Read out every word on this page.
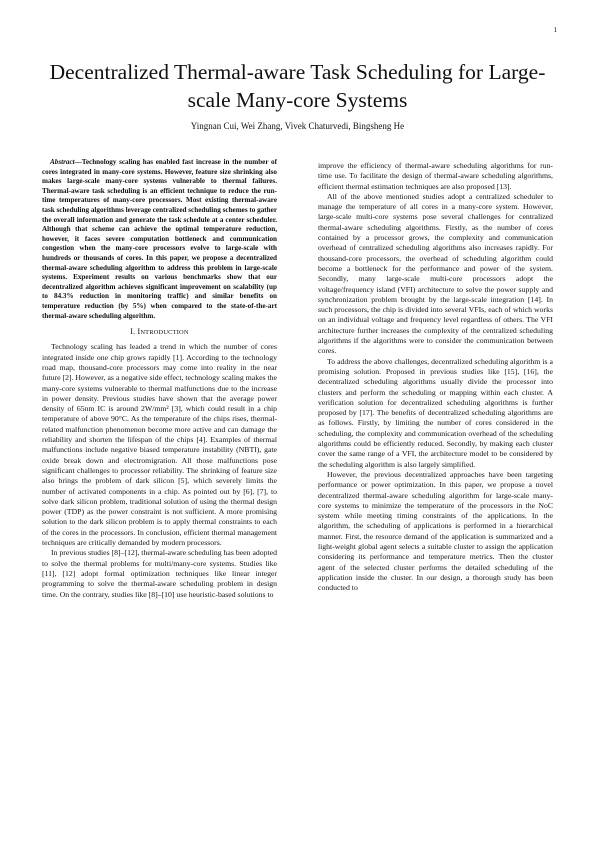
1
Decentralized Thermal-aware Task Scheduling for Large-scale Many-core Systems
Yingnan Cui, Wei Zhang, Vivek Chaturvedi, Bingsheng He

Abstract—Technology scaling has enabled fast increase in the number of cores integrated in many-core systems. However, feature size shrinking also makes large-scale many-core systems vulnerable to thermal failures. Thermal-aware task scheduling is an efficient technique to reduce the run-time temperatures of many-core processors. Most existing thermal-aware task scheduling algorithms leverage centralized scheduling schemes to gather the overall information and generate the task schedule at a center scheduler. Although that scheme can achieve the optimal temperature reduction, however, it faces severe computation bottleneck and communication congestion when the many-core processors evolve to large-scale with hundreds or thousands of cores. In this paper, we propose a decentralized thermal-aware scheduling algorithm to address this problem in large-scale systems. Experiment results on various benchmarks show that our decentralized algorithm achieves significant improvement on scalability (up to 84.3% reduction in monitoring traffic) and similar benefits on temperature reduction (by 5%) when compared to the state-of-the-art thermal-aware scheduling algorithm.

I. INTRODUCTION

Technology scaling has leaded a trend in which the number of cores integrated inside one chip grows rapidly [1]. According to the technology road map, thousand-core processors may come into reality in the near future [2]. However, as a negative side effect, technology scaling makes the many-core systems vulnerable to thermal malfunctions due to the increase in power density. Previous studies have shown that the average power density of 65nm IC is around 2W/mm² [3], which could result in a chip temperature of above 90°C. As the temperature of the chips rises, thermal-related malfunction phenomenon become more active and can damage the reliability and shorten the lifespan of the chips [4]. Examples of thermal malfunctions include negative biased temperature instability (NBTI), gate oxide break down and electromigration. All those malfunctions pose significant challenges to processor reliability. The shrinking of feature size also brings the problem of dark silicon [5], which severely limits the number of activated components in a chip. As pointed out by [6], [7], to solve dark silicon problem, traditional solution of using the thermal design power (TDP) as the power constraint is not sufficient. A more promising solution to the dark silicon problem is to apply thermal constraints to each of the cores in the processors. In conclusion, efficient thermal management techniques are critically demanded by modern processors.

In previous studies [8]–[12], thermal-aware scheduling has been adopted to solve the thermal problems for multi/many-core systems. Studies like [11], [12] adopt formal optimization techniques like linear integer programming to solve the thermal-aware scheduling problem in design time. On the contrary, studies like [8]–[10] use heuristic-based solutions to

improve the efficiency of thermal-aware scheduling algorithms for run-time use. To facilitate the design of thermal-aware scheduling algorithms, efficient thermal estimation techniques are also proposed [13].

All of the above mentioned studies adopt a centralized scheduler to manage the temperature of all cores in a many-core system. However, large-scale multi-core systems pose several challenges for centralized thermal-aware scheduling algorithms. Firstly, as the number of cores contained by a processor grows, the complexity and communication overhead of centralized scheduling algorithms also increases rapidly. For thousand-core processors, the overhead of scheduling algorithm could become a bottleneck for the performance and power of the system. Secondly, many large-scale multi-core processors adopt the voltage/frequency island (VFI) architecture to solve the power supply and synchronization problem brought by the large-scale integration [14]. In such processors, the chip is divided into several VFIs, each of which works on an individual voltage and frequency level regardless of others. The VFI architecture further increases the complexity of the centralized scheduling algorithms if the algorithms were to consider the communication between cores.

To address the above challenges, decentralized scheduling algorithm is a promising solution. Proposed in previous studies like [15], [16], the decentralized scheduling algorithms usually divide the processor into clusters and perform the scheduling or mapping within each cluster. A verification solution for decentralized scheduling algorithms is further proposed by [17]. The benefits of decentralized scheduling algorithms are as follows. Firstly, by limiting the number of cores considered in the scheduling, the complexity and communication overhead of the scheduling algorithms could be efficiently reduced. Secondly, by making each cluster cover the same range of a VFI, the architecture model to be considered by the scheduling algorithm is also largely simplified.

However, the previous decentralized approaches have been targeting performance or power optimization. In this paper, we propose a novel decentralized thermal-aware scheduling algorithm for large-scale many-core systems to minimize the temperature of the processors in the NoC system while meeting timing constraints of the applications. In the algorithm, the scheduling of applications is performed in a hierarchical manner. First, the resource demand of the application is summarized and a light-weight global agent selects a suitable cluster to assign the application considering its performance and temperature metrics. Then the cluster agent of the selected cluster performs the detailed scheduling of the application inside the cluster. In our design, a thorough study has been conducted to
